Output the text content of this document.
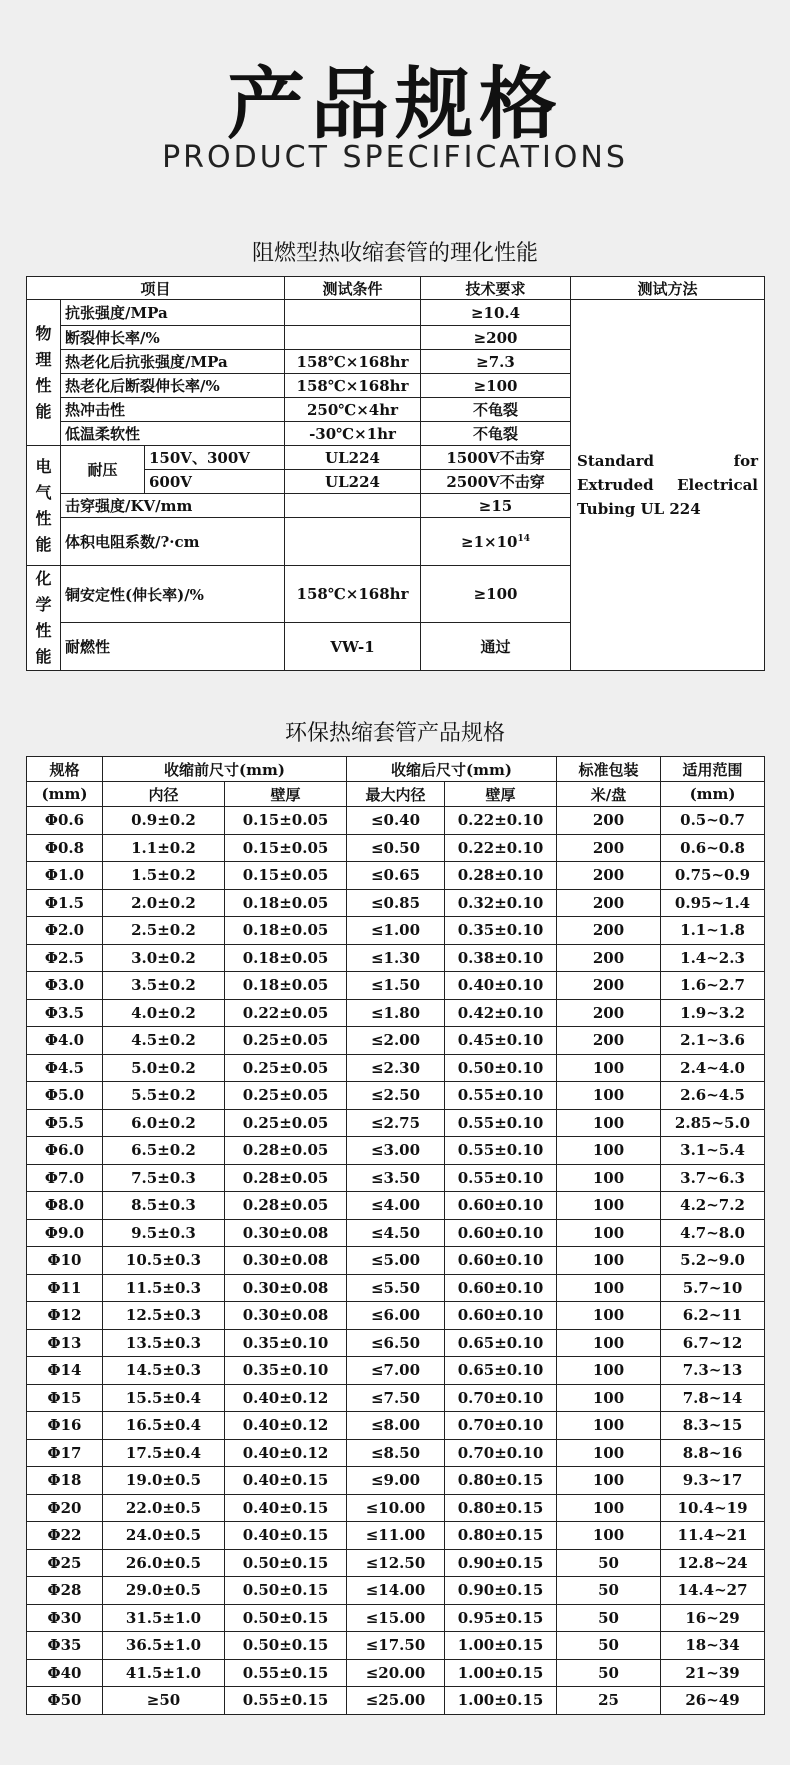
产品规格
PRODUCT SPECIFICATIONS
阻燃型热收缩套管的理化性能
项目			测试条件	技术要求	测试方法
物理性能	抗张强度/MPa			≥10.4	Standard for Extruded Electrical Tubing UL 224
	断裂伸长率/%			≥200	
	热老化后抗张强度/MPa		158℃×168hr	≥7.3	
	热老化后断裂伸长率/%		158℃×168hr	≥100	
	热冲击性		250℃×4hr	不龟裂	
	低温柔软性		-30℃×1hr	不龟裂	
电气性能	耐压	150V、300V	UL224	1500V不击穿	
		600V	UL224	2500V不击穿	
	击穿强度/KV/mm			≥15	
	体积电阻系数/?·cm			$\ge 1\times 10^{14}$
化学性能	铜安定性(伸长率)/%		158℃×168hr	≥100	
	耐燃性		VW-1	通过	
环保热缩套管产品规格
规格	收缩前尺寸(mm)		收缩后尺寸(mm)		标准包装	适用范围
(mm)	内径	壁厚	最大内径	壁厚	米/盘	(mm)
Φ0.6	0.9±0.2	0.15±0.05	≤0.40	0.22±0.10	200	0.5~0.7
Φ0.8	1.1±0.2	0.15±0.05	≤0.50	0.22±0.10	200	0.6~0.8
Φ1.0	1.5±0.2	0.15±0.05	≤0.65	0.28±0.10	200	0.75~0.9
Φ1.5	2.0±0.2	0.18±0.05	≤0.85	0.32±0.10	200	0.95~1.4
Φ2.0	2.5±0.2	0.18±0.05	≤1.00	0.35±0.10	200	1.1~1.8
Φ2.5	3.0±0.2	0.18±0.05	≤1.30	0.38±0.10	200	1.4~2.3
Φ3.0	3.5±0.2	0.18±0.05	≤1.50	0.40±0.10	200	1.6~2.7
Φ3.5	4.0±0.2	0.22±0.05	≤1.80	0.42±0.10	200	1.9~3.2
Φ4.0	4.5±0.2	0.25±0.05	≤2.00	0.45±0.10	200	2.1~3.6
Φ4.5	5.0±0.2	0.25±0.05	≤2.30	0.50±0.10	100	2.4~4.0
Φ5.0	5.5±0.2	0.25±0.05	≤2.50	0.55±0.10	100	2.6~4.5
Φ5.5	6.0±0.2	0.25±0.05	≤2.75	0.55±0.10	100	2.85~5.0
Φ6.0	6.5±0.2	0.28±0.05	≤3.00	0.55±0.10	100	3.1~5.4
Φ7.0	7.5±0.3	0.28±0.05	≤3.50	0.55±0.10	100	3.7~6.3
Φ8.0	8.5±0.3	0.28±0.05	≤4.00	0.60±0.10	100	4.2~7.2
Φ9.0	9.5±0.3	0.30±0.08	≤4.50	0.60±0.10	100	4.7~8.0
Φ10	10.5±0.3	0.30±0.08	≤5.00	0.60±0.10	100	5.2~9.0
Φ11	11.5±0.3	0.30±0.08	≤5.50	0.60±0.10	100	5.7~10
Φ12	12.5±0.3	0.30±0.08	≤6.00	0.60±0.10	100	6.2~11
Φ13	13.5±0.3	0.35±0.10	≤6.50	0.65±0.10	100	6.7~12
Φ14	14.5±0.3	0.35±0.10	≤7.00	0.65±0.10	100	7.3~13
Φ15	15.5±0.4	0.40±0.12	≤7.50	0.70±0.10	100	7.8~14
Φ16	16.5±0.4	0.40±0.12	≤8.00	0.70±0.10	100	8.3~15
Φ17	17.5±0.4	0.40±0.12	≤8.50	0.70±0.10	100	8.8~16
Φ18	19.0±0.5	0.40±0.15	≤9.00	0.80±0.15	100	9.3~17
Φ20	22.0±0.5	0.40±0.15	≤10.00	0.80±0.15	100	10.4~19
Φ22	24.0±0.5	0.40±0.15	≤11.00	0.80±0.15	100	11.4~21
Φ25	26.0±0.5	0.50±0.15	≤12.50	0.90±0.15	50	12.8~24
Φ28	29.0±0.5	0.50±0.15	≤14.00	0.90±0.15	50	14.4~27
Φ30	31.5±1.0	0.50±0.15	≤15.00	0.95±0.15	50	16~29
Φ35	36.5±1.0	0.50±0.15	≤17.50	1.00±0.15	50	18~34
Φ40	41.5±1.0	0.55±0.15	≤20.00	1.00±0.15	50	21~39
Φ50	≥50	0.55±0.15	≤25.00	1.00±0.15	25	26~49
